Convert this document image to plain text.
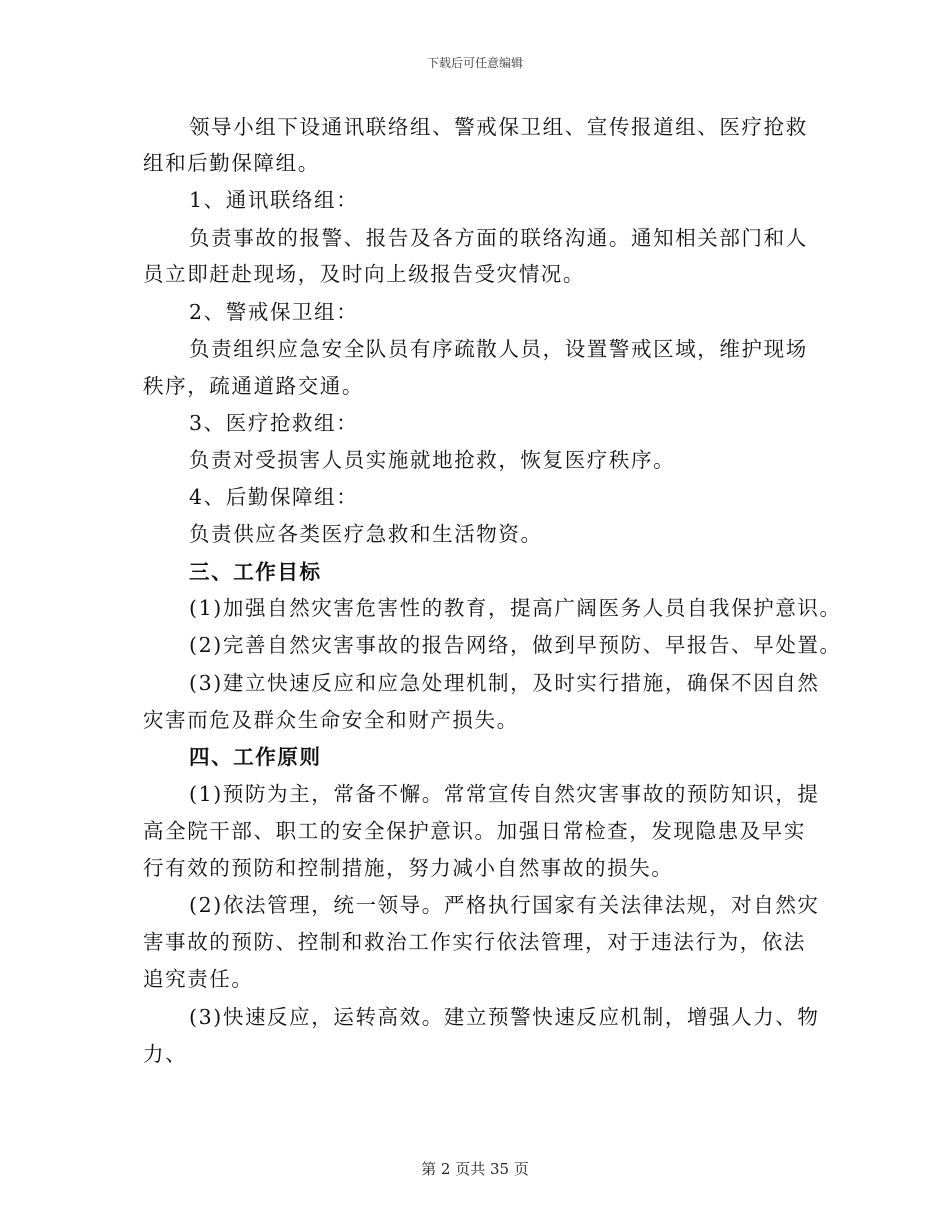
下载后可任意编辑
领导小组下设通讯联络组、警戒保卫组、宣传报道组、医疗抢救
组和后勤保障组。
1、通讯联络组：
负责事故的报警、报告及各方面的联络沟通。通知相关部门和人
员立即赶赴现场，及时向上级报告受灾情况。
2、警戒保卫组：
负责组织应急安全队员有序疏散人员，设置警戒区域，维护现场
秩序，疏通道路交通。
3、医疗抢救组：
负责对受损害人员实施就地抢救，恢复医疗秩序。
4、后勤保障组：
负责供应各类医疗急救和生活物资。
三、工作目标
(1)加强自然灾害危害性的教育，提高广阔医务人员自我保护意识。
(2)完善自然灾害事故的报告网络，做到早预防、早报告、早处置。
(3)建立快速反应和应急处理机制，及时实行措施，确保不因自然
灾害而危及群众生命安全和财产损失。
四、工作原则
(1)预防为主，常备不懈。常常宣传自然灾害事故的预防知识，提
高全院干部、职工的安全保护意识。加强日常检查，发现隐患及早实
行有效的预防和控制措施，努力减小自然事故的损失。
(2)依法管理，统一领导。严格执行国家有关法律法规，对自然灾
害事故的预防、控制和救治工作实行依法管理，对于违法行为，依法
追究责任。
(3)快速反应，运转高效。建立预警快速反应机制，增强人力、物
力、
第 2 页共 35 页
